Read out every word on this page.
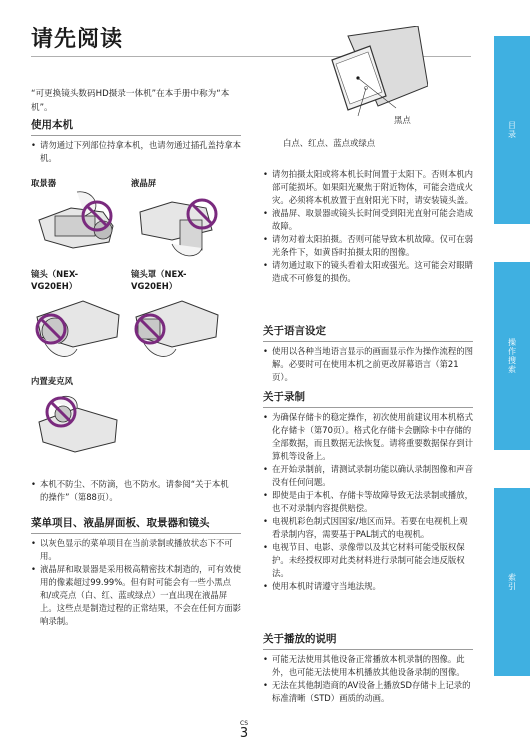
请先阅读

“可更换镜头数码HD摄录一体机”在本手册中称为“本机”。

使用本机
• 请勿通过下列部位持拿本机，也请勿通过插孔盖持拿本机。
取景器	液晶屏
镜头（NEX-VG20EH）
镜头罩（NEX-VG20EH）
内置麦克风
• 本机不防尘、不防滴，也不防水。请参阅“关于本机的操作”（第88页）。
菜单项目、液晶屏面板、取景器和镜头
• 以灰色显示的菜单项目在当前录制或播放状态下不可用。
• 液晶屏和取景器是采用极高精密技术制造的，可有效使用的像素超过99.99%。但有时可能会有一些小黑点和/或亮点（白、红、蓝或绿点）一直出现在液晶屏上。这些点是制造过程的正常结果，不会在任何方面影响录制。
黑点
白点、红点、蓝点或绿点
• 请勿拍摄太阳或将本机长时间置于太阳下。否则本机内部可能损坏。如果阳光聚焦于附近物体，可能会造成火灾。必须将本机放置于直射阳光下时，请安装镜头盖。
• 液晶屏、取景器或镜头长时间受到阳光直射可能会造成故障。
• 请勿对着太阳拍摄。否则可能导致本机故障。仅可在弱光条件下，如黄昏时拍摄太阳的图像。
• 请勿通过取下的镜头看着太阳或强光。这可能会对眼睛造成不可修复的损伤。
关于语言设定
• 使用以各种当地语言显示的画面显示作为操作流程的图解。必要时可在使用本机之前更改屏幕语言（第21页）。
关于录制
• 为确保存储卡的稳定操作，初次使用前建议用本机格式化存储卡（第70页）。格式化存储卡会删除卡中存储的全部数据，而且数据无法恢复。请将重要数据保存到计算机等设备上。
• 在开始录制前，请测试录制功能以确认录制图像和声音没有任何问题。
• 即使是由于本机、存储卡等故障导致无法录制或播放，也不对录制内容提供赔偿。
• 电视机彩色制式因国家/地区而异。若要在电视机上观看录制内容，需要基于PAL制式的电视机。
• 电视节目、电影、录像带以及其它材料可能受版权保护。未经授权即对此类材料进行录制可能会违反版权法。
• 使用本机时请遵守当地法规。
关于播放的说明
• 可能无法使用其他设备正常播放本机录制的图像。此外，也可能无法使用本机播放其他设备录制的图像。
• 无法在其他制造商的AV设备上播放SD存储卡上记录的标准清晰（STD）画质的动画。
目录
操作搜索
索引
CS
3
